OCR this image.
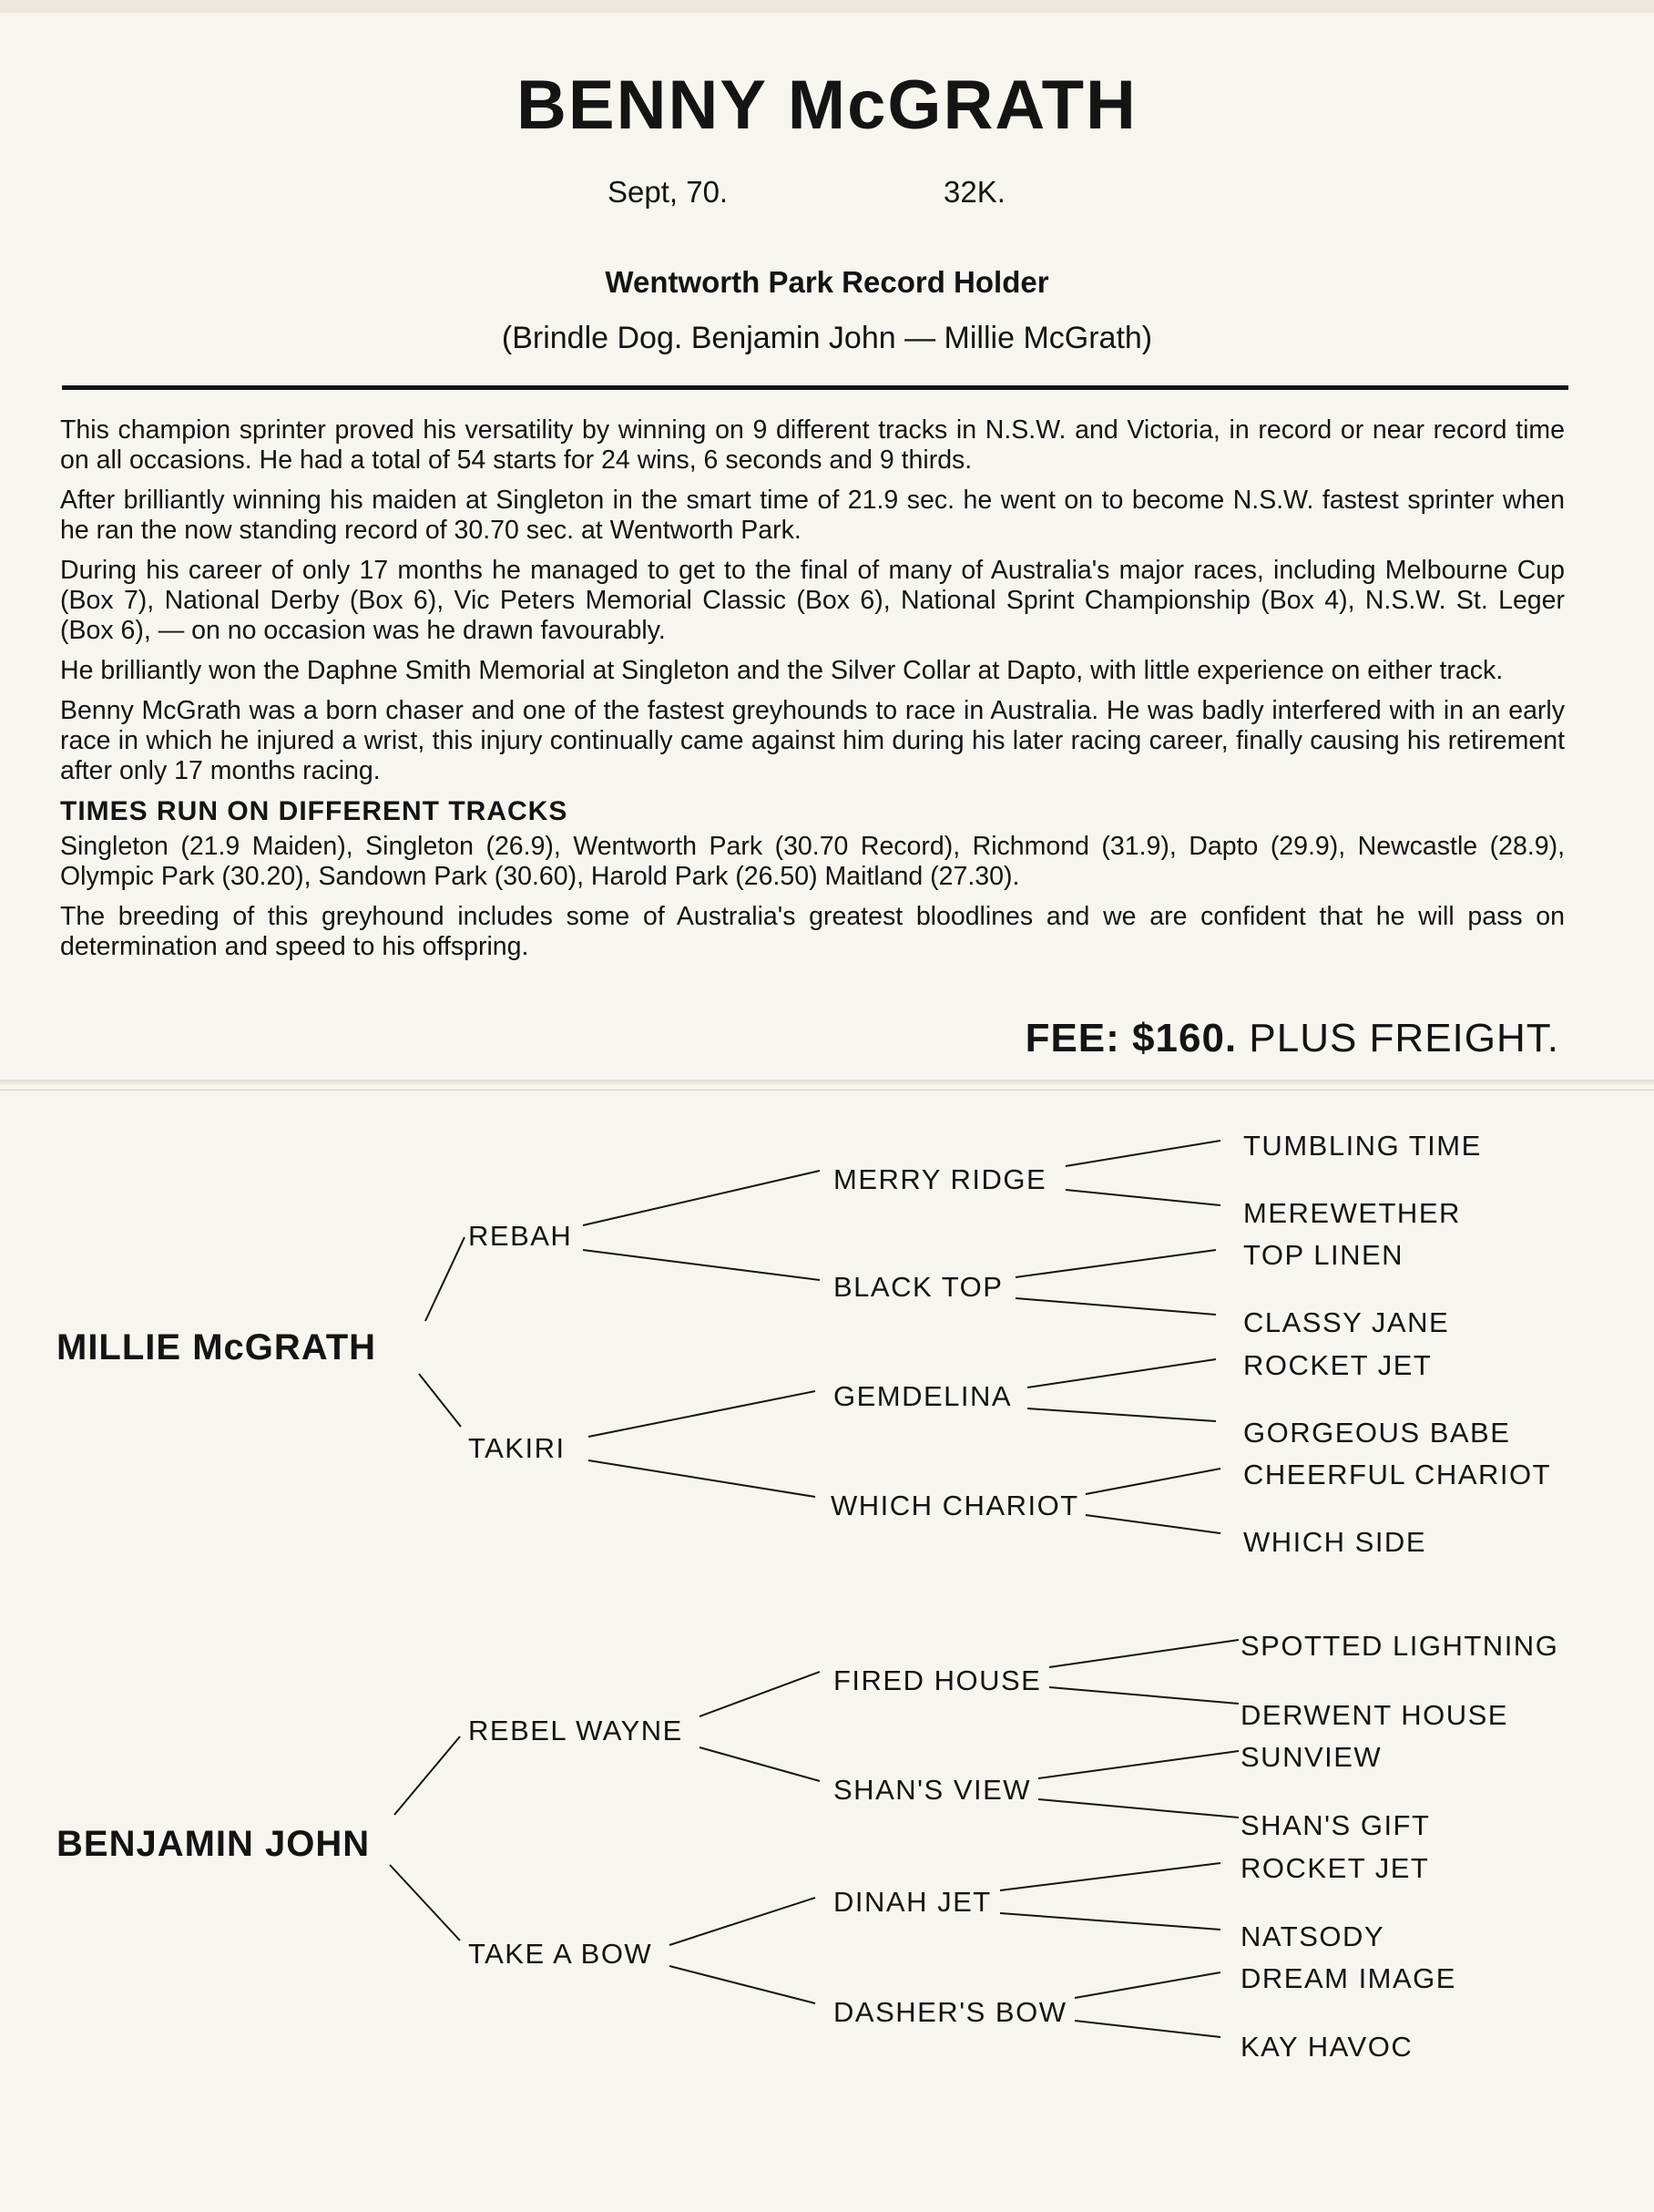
BENNY McGRATH
Sept, 70.	32K.
Wentworth Park Record Holder
(Brindle Dog. Benjamin John — Millie McGrath)

This champion sprinter proved his versatility by winning on 9 different tracks in N.S.W. and Victoria, in record or near record time on all occasions. He had a total of 54 starts for 24 wins, 6 seconds and 9 thirds.

After brilliantly winning his maiden at Singleton in the smart time of 21.9 sec. he went on to become N.S.W. fastest sprinter when he ran the now standing record of 30.70 sec. at Wentworth Park.

During his career of only 17 months he managed to get to the final of many of Australia's major races, including Melbourne Cup (Box 7), National Derby (Box 6), Vic Peters Memorial Classic (Box 6), National Sprint Championship (Box 4), N.S.W. St. Leger (Box 6), — on no occasion was he drawn favourably.

He brilliantly won the Daphne Smith Memorial at Singleton and the Silver Collar at Dapto, with little experience on either track.

Benny McGrath was a born chaser and one of the fastest greyhounds to race in Australia. He was badly interfered with in an early race in which he injured a wrist, this injury continually came against him during his later racing career, finally causing his retirement after only 17 months racing.

TIMES RUN ON DIFFERENT TRACKS

Singleton (21.9 Maiden), Singleton (26.9), Wentworth Park (30.70 Record), Richmond (31.9), Dapto (29.9), Newcastle (28.9), Olympic Park (30.20), Sandown Park (30.60), Harold Park (26.50) Maitland (27.30).

The breeding of this greyhound includes some of Australia's greatest bloodlines and we are confident that he will pass on determination and speed to his offspring.

FEE: $160. PLUS FREIGHT.
MILLIE McGRATH
REBAH
TAKIRI
MERRY RIDGE
BLACK TOP
GEMDELINA
WHICH CHARIOT
TUMBLING TIME
MEREWETHER
TOP LINEN
CLASSY JANE
ROCKET JET
GORGEOUS BABE
CHEERFUL CHARIOT
WHICH SIDE
BENJAMIN JOHN
REBEL WAYNE
TAKE A BOW
FIRED HOUSE
SHAN'S VIEW
DINAH JET
DASHER'S BOW
SPOTTED LIGHTNING
DERWENT HOUSE
SUNVIEW
SHAN'S GIFT
ROCKET JET
NATSODY
DREAM IMAGE
KAY HAVOC
